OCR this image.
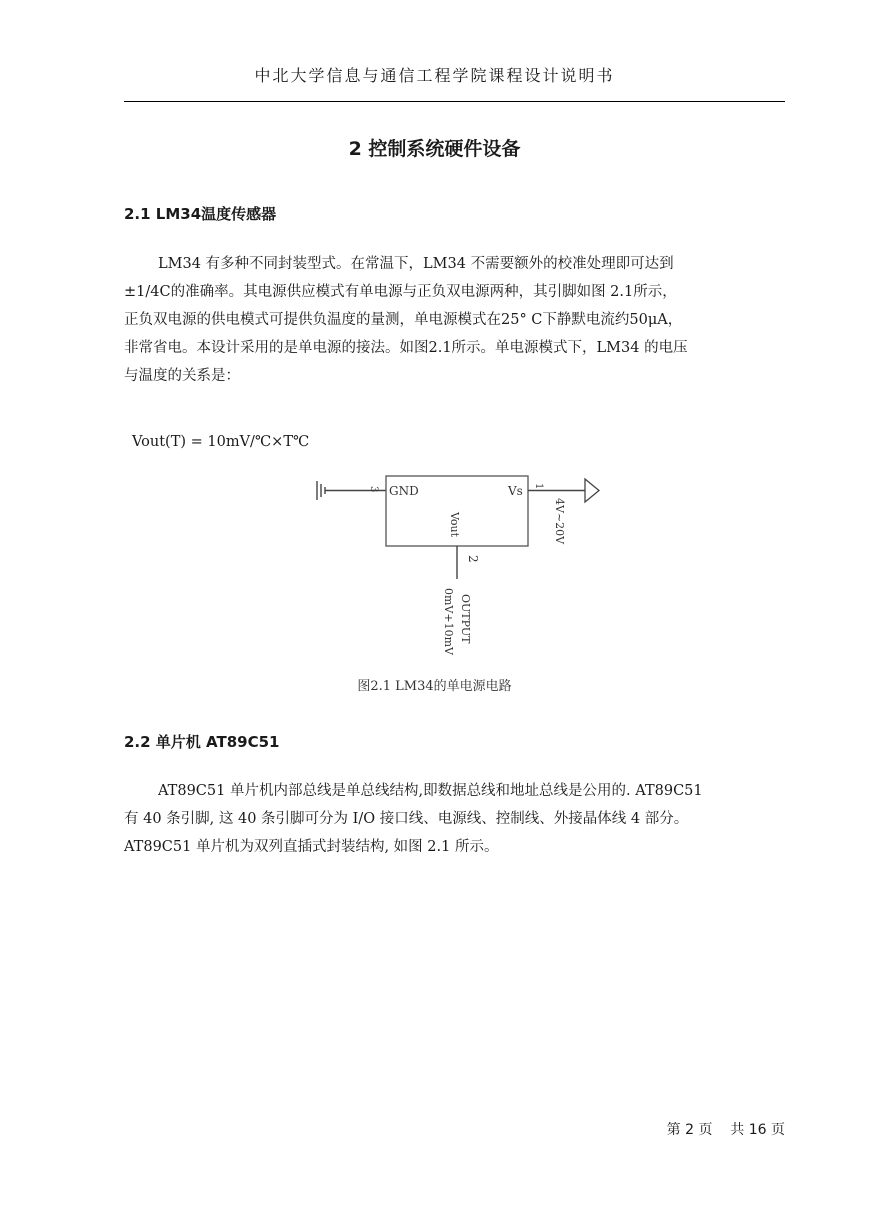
中北大学信息与通信工程学院课程设计说明书
2 控制系统硬件设备
2.1 LM34温度传感器

LM34 有多种不同封装型式。在常温下，LM34 不需要额外的校准处理即可达到

±1/4C的准确率。其电源供应模式有单电源与正负双电源两种，其引脚如图 2.1所示，

正负双电源的供电模式可提供负温度的量测，单电源模式在25° C下静默电流约50μA，

非常省电。本设计采用的是单电源的接法。如图2.1所示。单电源模式下，LM34 的电压

与温度的关系是：

Vout(T) = 10mV/℃×T℃
3 GND	1
Vs
Vout
2
4V~20V
OUTPUT
0mV+10mV
图2.1 LM34的单电源电路
2.2 单片机 AT89C51

AT89C51 单片机内部总线是单总线结构,即数据总线和地址总线是公用的. AT89C51

有 40 条引脚, 这 40 条引脚可分为 I/O 接口线、电源线、控制线、外接晶体线 4 部分。

AT89C51 单片机为双列直插式封装结构, 如图 2.1 所示。

第 2 页 共 16 页
